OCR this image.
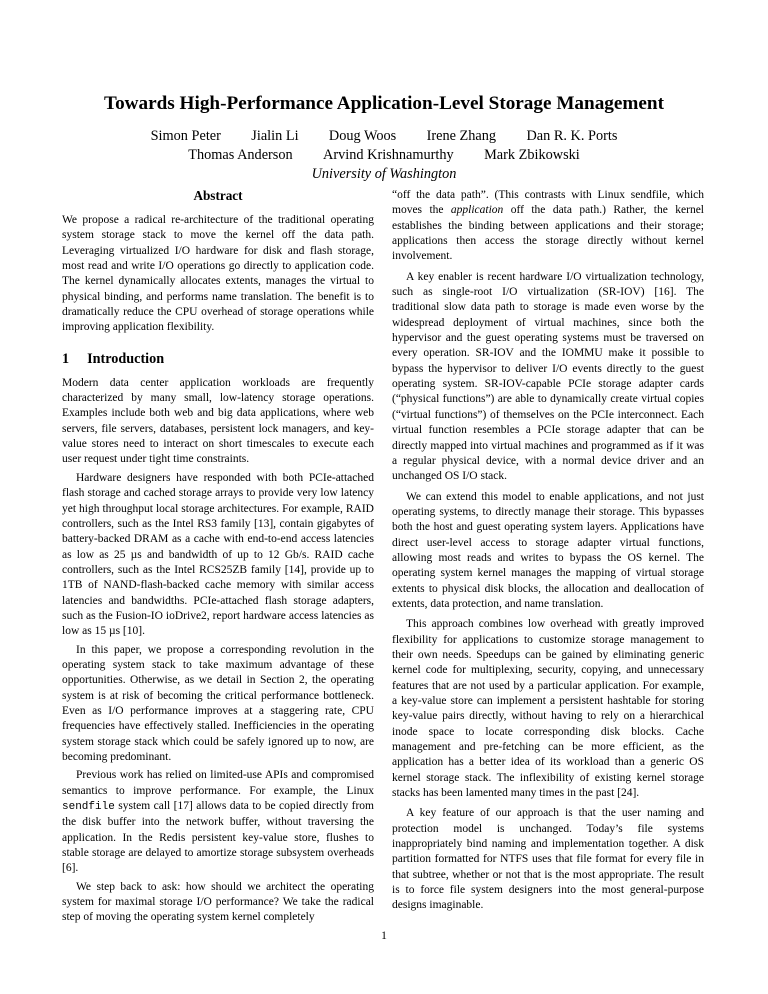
Towards High-Performance Application-Level Storage Management
Simon Peter Jialin Li Doug Woos Irene Zhang Dan R. K. Ports
Thomas Anderson Arvind Krishnamurthy Mark Zbikowski
University of Washington
Abstract

We propose a radical re-architecture of the traditional operating system storage stack to move the kernel off the data path. Leveraging virtualized I/O hardware for disk and flash storage, most read and write I/O operations go directly to application code. The kernel dynamically allocates extents, manages the virtual to physical binding, and performs name translation. The benefit is to dramatically reduce the CPU overhead of storage operations while improving application flexibility.

1 Introduction

Modern data center application workloads are frequently characterized by many small, low-latency storage operations. Examples include both web and big data applications, where web servers, file servers, databases, persistent lock managers, and key-value stores need to interact on short timescales to execute each user request under tight time constraints.

Hardware designers have responded with both PCIe-attached flash storage and cached storage arrays to provide very low latency yet high throughput local storage architectures. For example, RAID controllers, such as the Intel RS3 family [13], contain gigabytes of battery-backed DRAM as a cache with end-to-end access latencies as low as 25 µs and bandwidth of up to 12 Gb/s. RAID cache controllers, such as the Intel RCS25ZB family [14], provide up to 1TB of NAND-flash-backed cache memory with similar access latencies and bandwidths. PCIe-attached flash storage adapters, such as the Fusion-IO ioDrive2, report hardware access latencies as low as 15 µs [10].

In this paper, we propose a corresponding revolution in the operating system stack to take maximum advantage of these opportunities. Otherwise, as we detail in Section 2, the operating system is at risk of becoming the critical performance bottleneck. Even as I/O performance improves at a staggering rate, CPU frequencies have effectively stalled. Inefficiencies in the operating system storage stack which could be safely ignored up to now, are becoming predominant.

Previous work has relied on limited-use APIs and compromised semantics to improve performance. For example, the Linux sendfile system call [17] allows data to be copied directly from the disk buffer into the network buffer, without traversing the application. In the Redis persistent key-value store, flushes to stable storage are delayed to amortize storage subsystem overheads [6].

We step back to ask: how should we architect the operating system for maximal storage I/O performance? We take the radical step of moving the operating system kernel completely

“off the data path”. (This contrasts with Linux sendfile, which moves the application off the data path.) Rather, the kernel establishes the binding between applications and their storage; applications then access the storage directly without kernel involvement.

A key enabler is recent hardware I/O virtualization technology, such as single-root I/O virtualization (SR-IOV) [16]. The traditional slow data path to storage is made even worse by the widespread deployment of virtual machines, since both the hypervisor and the guest operating systems must be traversed on every operation. SR-IOV and the IOMMU make it possible to bypass the hypervisor to deliver I/O events directly to the guest operating system. SR-IOV-capable PCIe storage adapter cards (“physical functions”) are able to dynamically create virtual copies (“virtual functions”) of themselves on the PCIe interconnect. Each virtual function resembles a PCIe storage adapter that can be directly mapped into virtual machines and programmed as if it was a regular physical device, with a normal device driver and an unchanged OS I/O stack.

We can extend this model to enable applications, and not just operating systems, to directly manage their storage. This bypasses both the host and guest operating system layers. Applications have direct user-level access to storage adapter virtual functions, allowing most reads and writes to bypass the OS kernel. The operating system kernel manages the mapping of virtual storage extents to physical disk blocks, the allocation and deallocation of extents, data protection, and name translation.

This approach combines low overhead with greatly improved flexibility for applications to customize storage management to their own needs. Speedups can be gained by eliminating generic kernel code for multiplexing, security, copying, and unnecessary features that are not used by a particular application. For example, a key-value store can implement a persistent hashtable for storing key-value pairs directly, without having to rely on a hierarchical inode space to locate corresponding disk blocks. Cache management and pre-fetching can be more efficient, as the application has a better idea of its workload than a generic OS kernel storage stack. The inflexibility of existing kernel storage stacks has been lamented many times in the past [24].

A key feature of our approach is that the user naming and protection model is unchanged. Today’s file systems inappropriately bind naming and implementation together. A disk partition formatted for NTFS uses that file format for every file in that subtree, whether or not that is the most appropriate. The result is to force file system designers into the most general-purpose designs imaginable.

1
